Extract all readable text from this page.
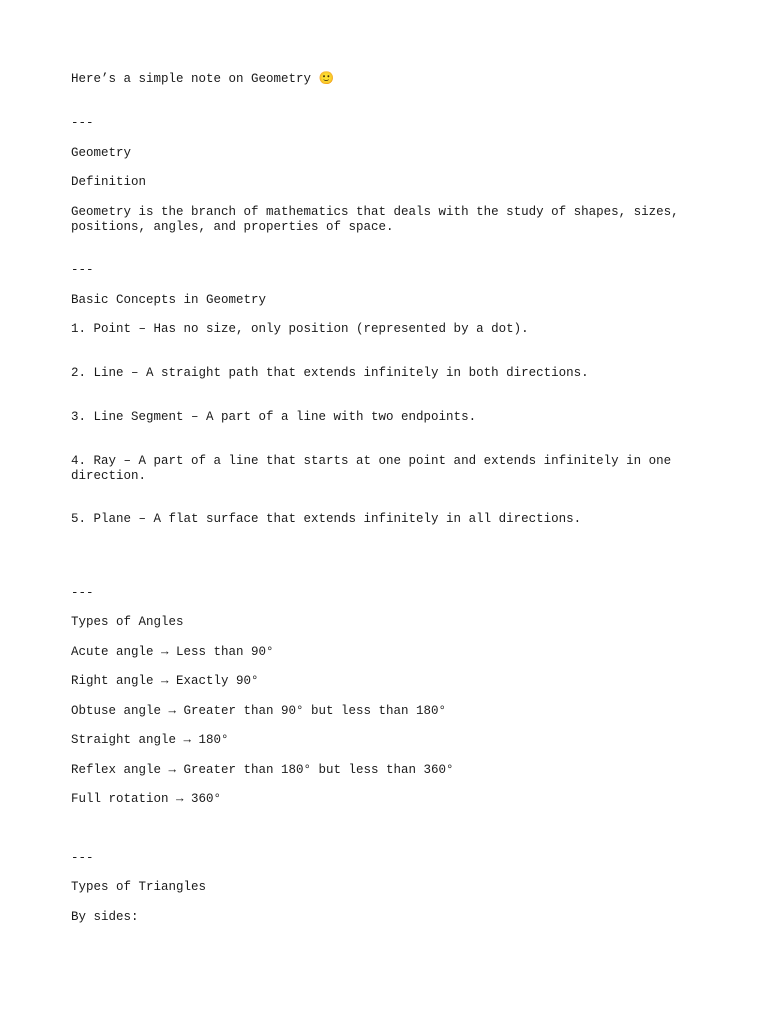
Here’s a simple note on Geometry 🙂
---
Geometry
Definition
Geometry is the branch of mathematics that deals with the study of shapes, sizes, positions, angles, and properties of space.
---
Basic Concepts in Geometry
1. Point – Has no size, only position (represented by a dot).
2. Line – A straight path that extends infinitely in both directions.
3. Line Segment – A part of a line with two endpoints.
4. Ray – A part of a line that starts at one point and extends infinitely in one direction.
5. Plane – A flat surface that extends infinitely in all directions.
---
Types of Angles
Acute angle → Less than 90°
Right angle → Exactly 90°
Obtuse angle → Greater than 90° but less than 180°
Straight angle → 180°
Reflex angle → Greater than 180° but less than 360°
Full rotation → 360°
---
Types of Triangles
By sides:
